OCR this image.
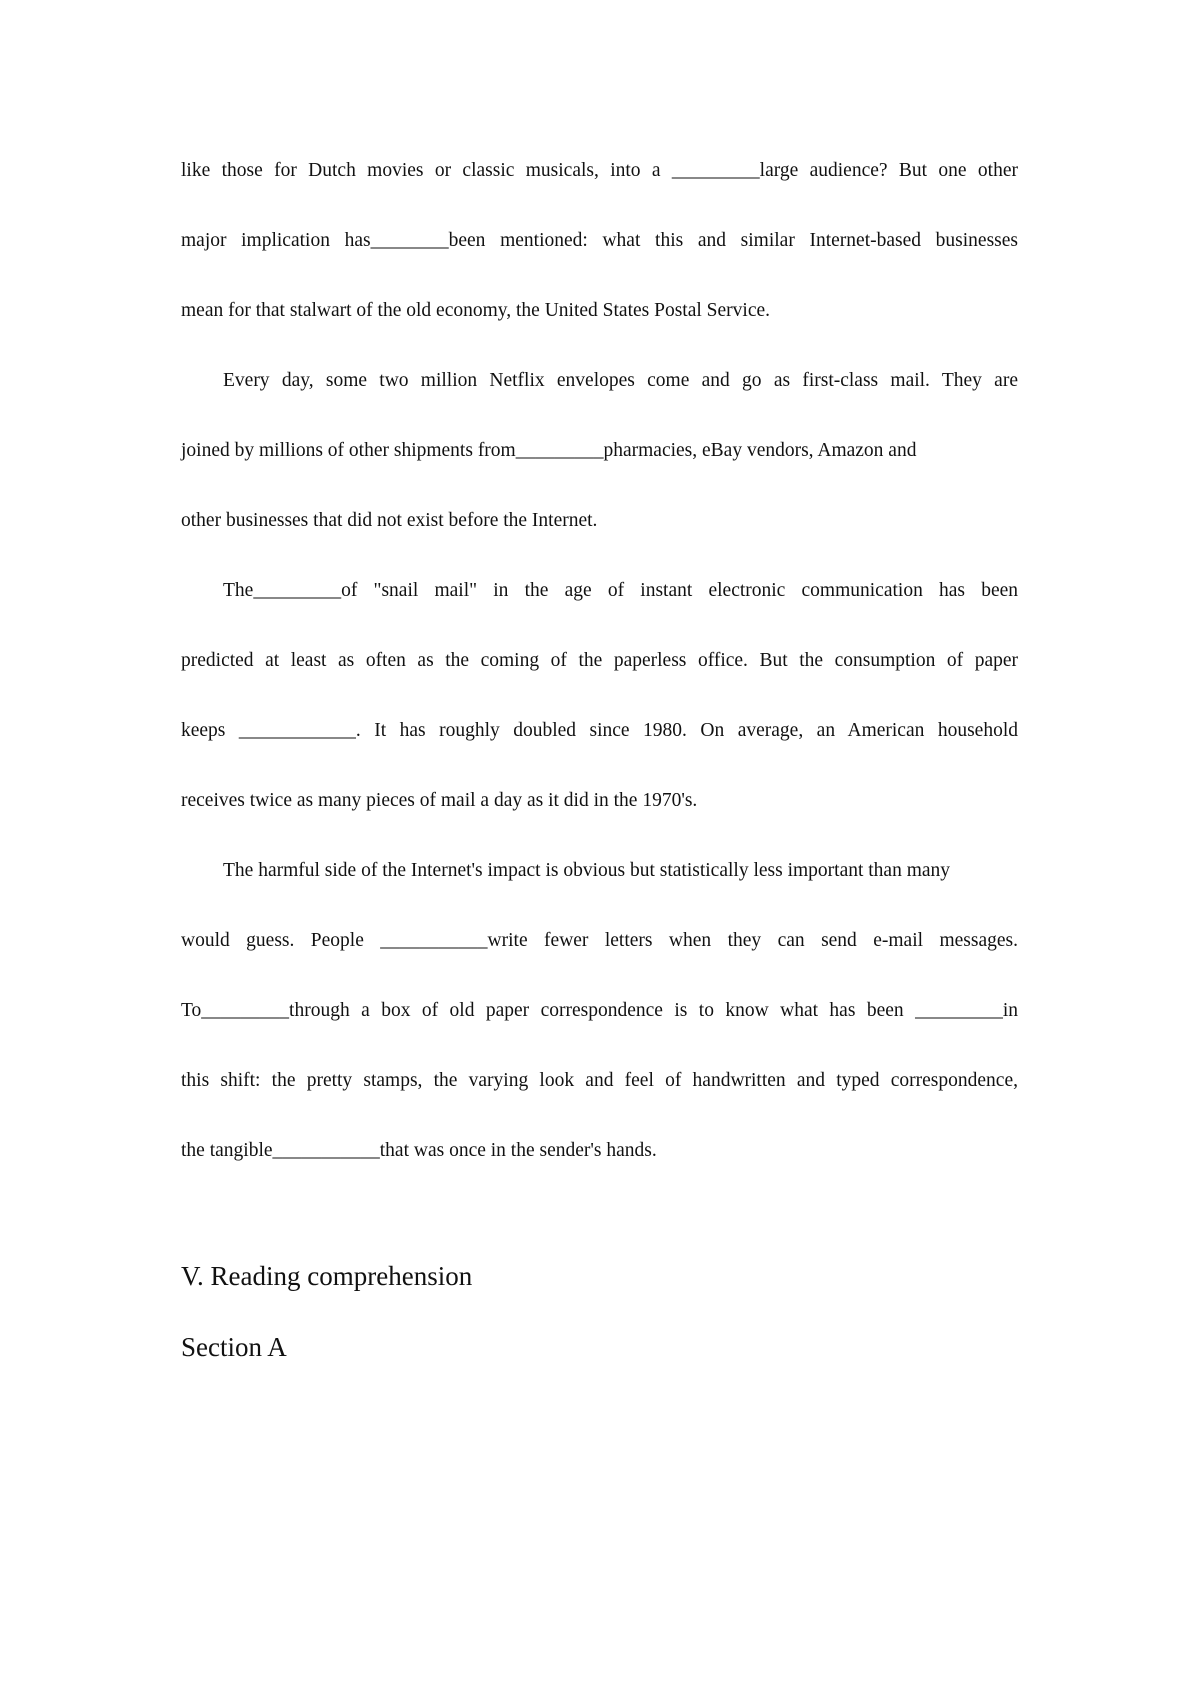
like those for Dutch movies or classic musicals, into a _________large audience? But one other
major implication has________been mentioned: what this and similar Internet-based businesses
mean for that stalwart of the old economy, the United States Postal Service.
Every day, some two million Netflix envelopes come and go as first-class mail. They are
joined by millions of other shipments from_________pharmacies, eBay vendors, Amazon and
other businesses that did not exist before the Internet.
The_________of "snail mail" in the age of instant electronic communication has been
predicted at least as often as the coming of the paperless office. But the consumption of paper
keeps ____________. It has roughly doubled since 1980. On average, an American household
receives twice as many pieces of mail a day as it did in the 1970's.
The harmful side of the Internet's impact is obvious but statistically less important than many
would guess. People ___________write fewer letters when they can send e-mail messages.
To_________through a box of old paper correspondence is to know what has been _________in
this shift: the pretty stamps, the varying look and feel of handwritten and typed correspondence,
the tangible___________that was once in the sender's hands.
V. Reading comprehension
Section A
